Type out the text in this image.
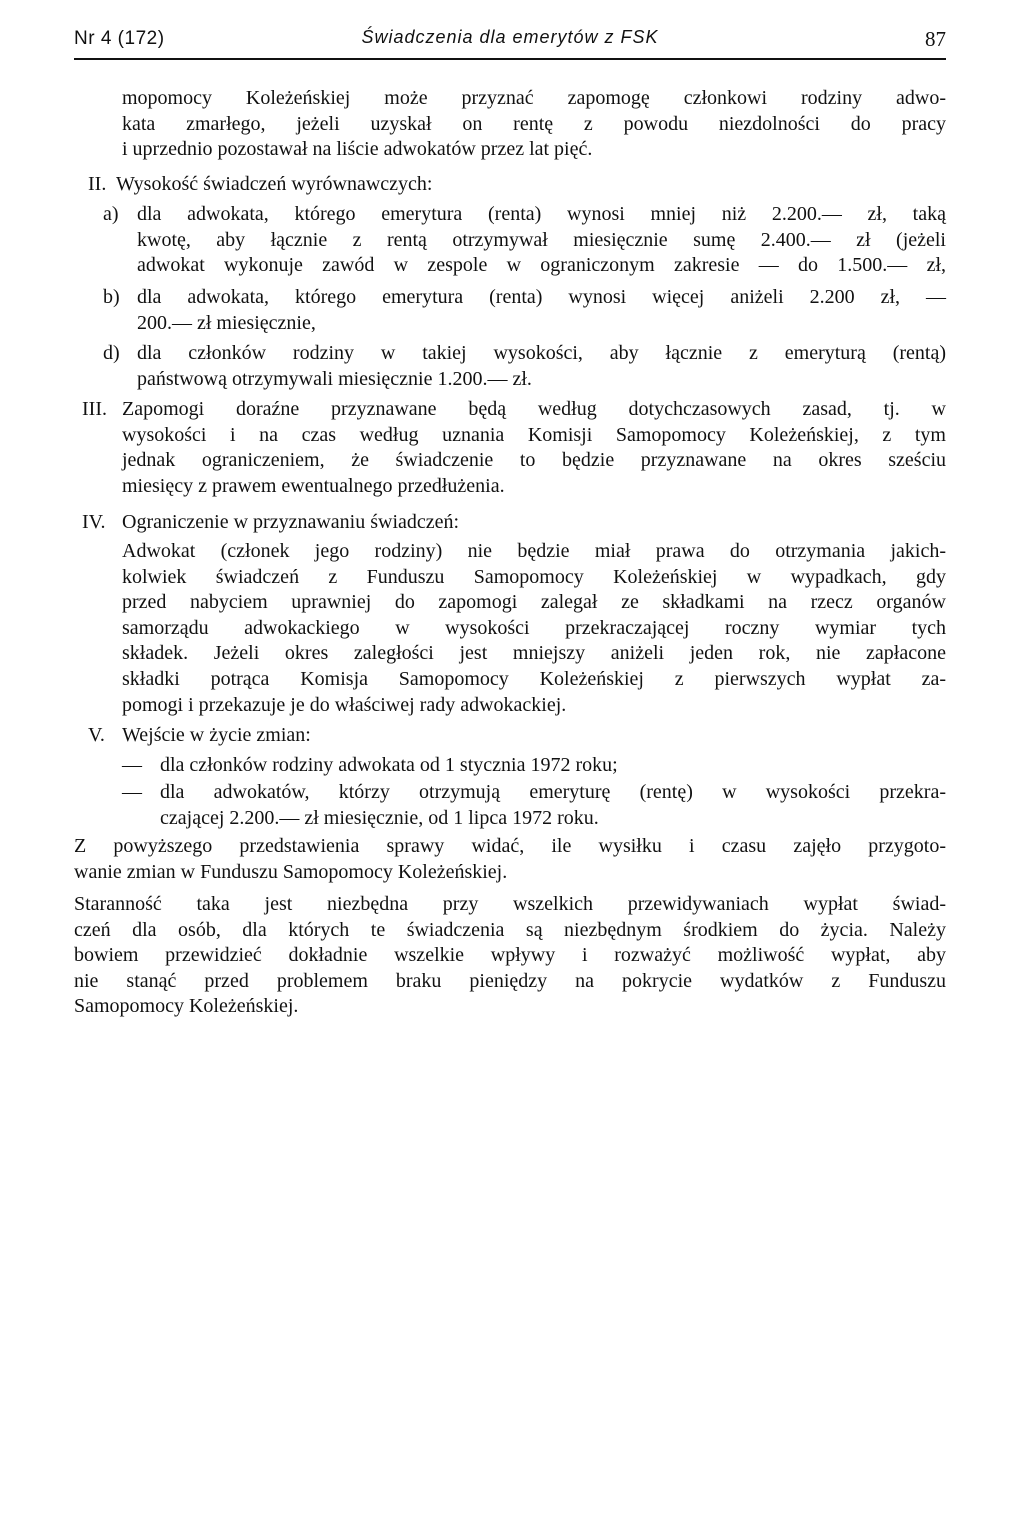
Nr 4 (172)	Świadczenia dla emerytów z FSK	87
mopomocy Koleżeńskiej może przyznać zapomogę członkowi rodziny adwo-
kata zmarłego, jeżeli uzyskał on rentę z powodu niezdolności do pracy
i uprzednio pozostawał na liście adwokatów przez lat pięć.
II. Wysokość świadczeń wyrównawczych:
a) dla adwokata, którego emerytura (renta) wynosi mniej niż 2.200.— zł, taką
kwotę, aby łącznie z rentą otrzymywał miesięcznie sumę 2.400.— zł (jeżeli
adwokat wykonuje zawód w zespole w ograniczonym zakresie — do 1.500.— zł,
b) dla adwokata, którego emerytura (renta) wynosi więcej aniżeli 2.200 zł, —
200.— zł miesięcznie,
d) dla członków rodziny w takiej wysokości, aby łącznie z emeryturą (rentą)
państwową otrzymywali miesięcznie 1.200.— zł.
III. Zapomogi doraźne przyznawane będą według dotychczasowych zasad, tj. w
wysokości i na czas według uznania Komisji Samopomocy Koleżeńskiej, z tym
jednak ograniczeniem, że świadczenie to będzie przyznawane na okres sześciu
miesięcy z prawem ewentualnego przedłużenia.
IV. Ograniczenie w przyznawaniu świadczeń:
Adwokat (członek jego rodziny) nie będzie miał prawa do otrzymania jakich-
kolwiek świadczeń z Funduszu Samopomocy Koleżeńskiej w wypadkach, gdy
przed nabyciem uprawniej do zapomogi zalegał ze składkami na rzecz organów
samorządu adwokackiego w wysokości przekraczającej roczny wymiar tych
składek. Jeżeli okres zaległości jest mniejszy aniżeli jeden rok, nie zapłacone
składki potrąca Komisja Samopomocy Koleżeńskiej z pierwszych wypłat za-
pomogi i przekazuje je do właściwej rady adwokackiej.
V. Wejście w życie zmian:
— dla członków rodziny adwokata od 1 stycznia 1972 roku;
— dla adwokatów, którzy otrzymują emeryturę (rentę) w wysokości przekra-
czającej 2.200.— zł miesięcznie, od 1 lipca 1972 roku.
Z powyższego przedstawienia sprawy widać, ile wysiłku i czasu zajęło przygoto-
wanie zmian w Funduszu Samopomocy Koleżeńskiej.
Staranność taka jest niezbędna przy wszelkich przewidywaniach wypłat świad-
czeń dla osób, dla których te świadczenia są niezbędnym środkiem do życia. Należy
bowiem przewidzieć dokładnie wszelkie wpływy i rozważyć możliwość wypłat, aby
nie stanąć przed problemem braku pieniędzy na pokrycie wydatków z Funduszu
Samopomocy Koleżeńskiej.
